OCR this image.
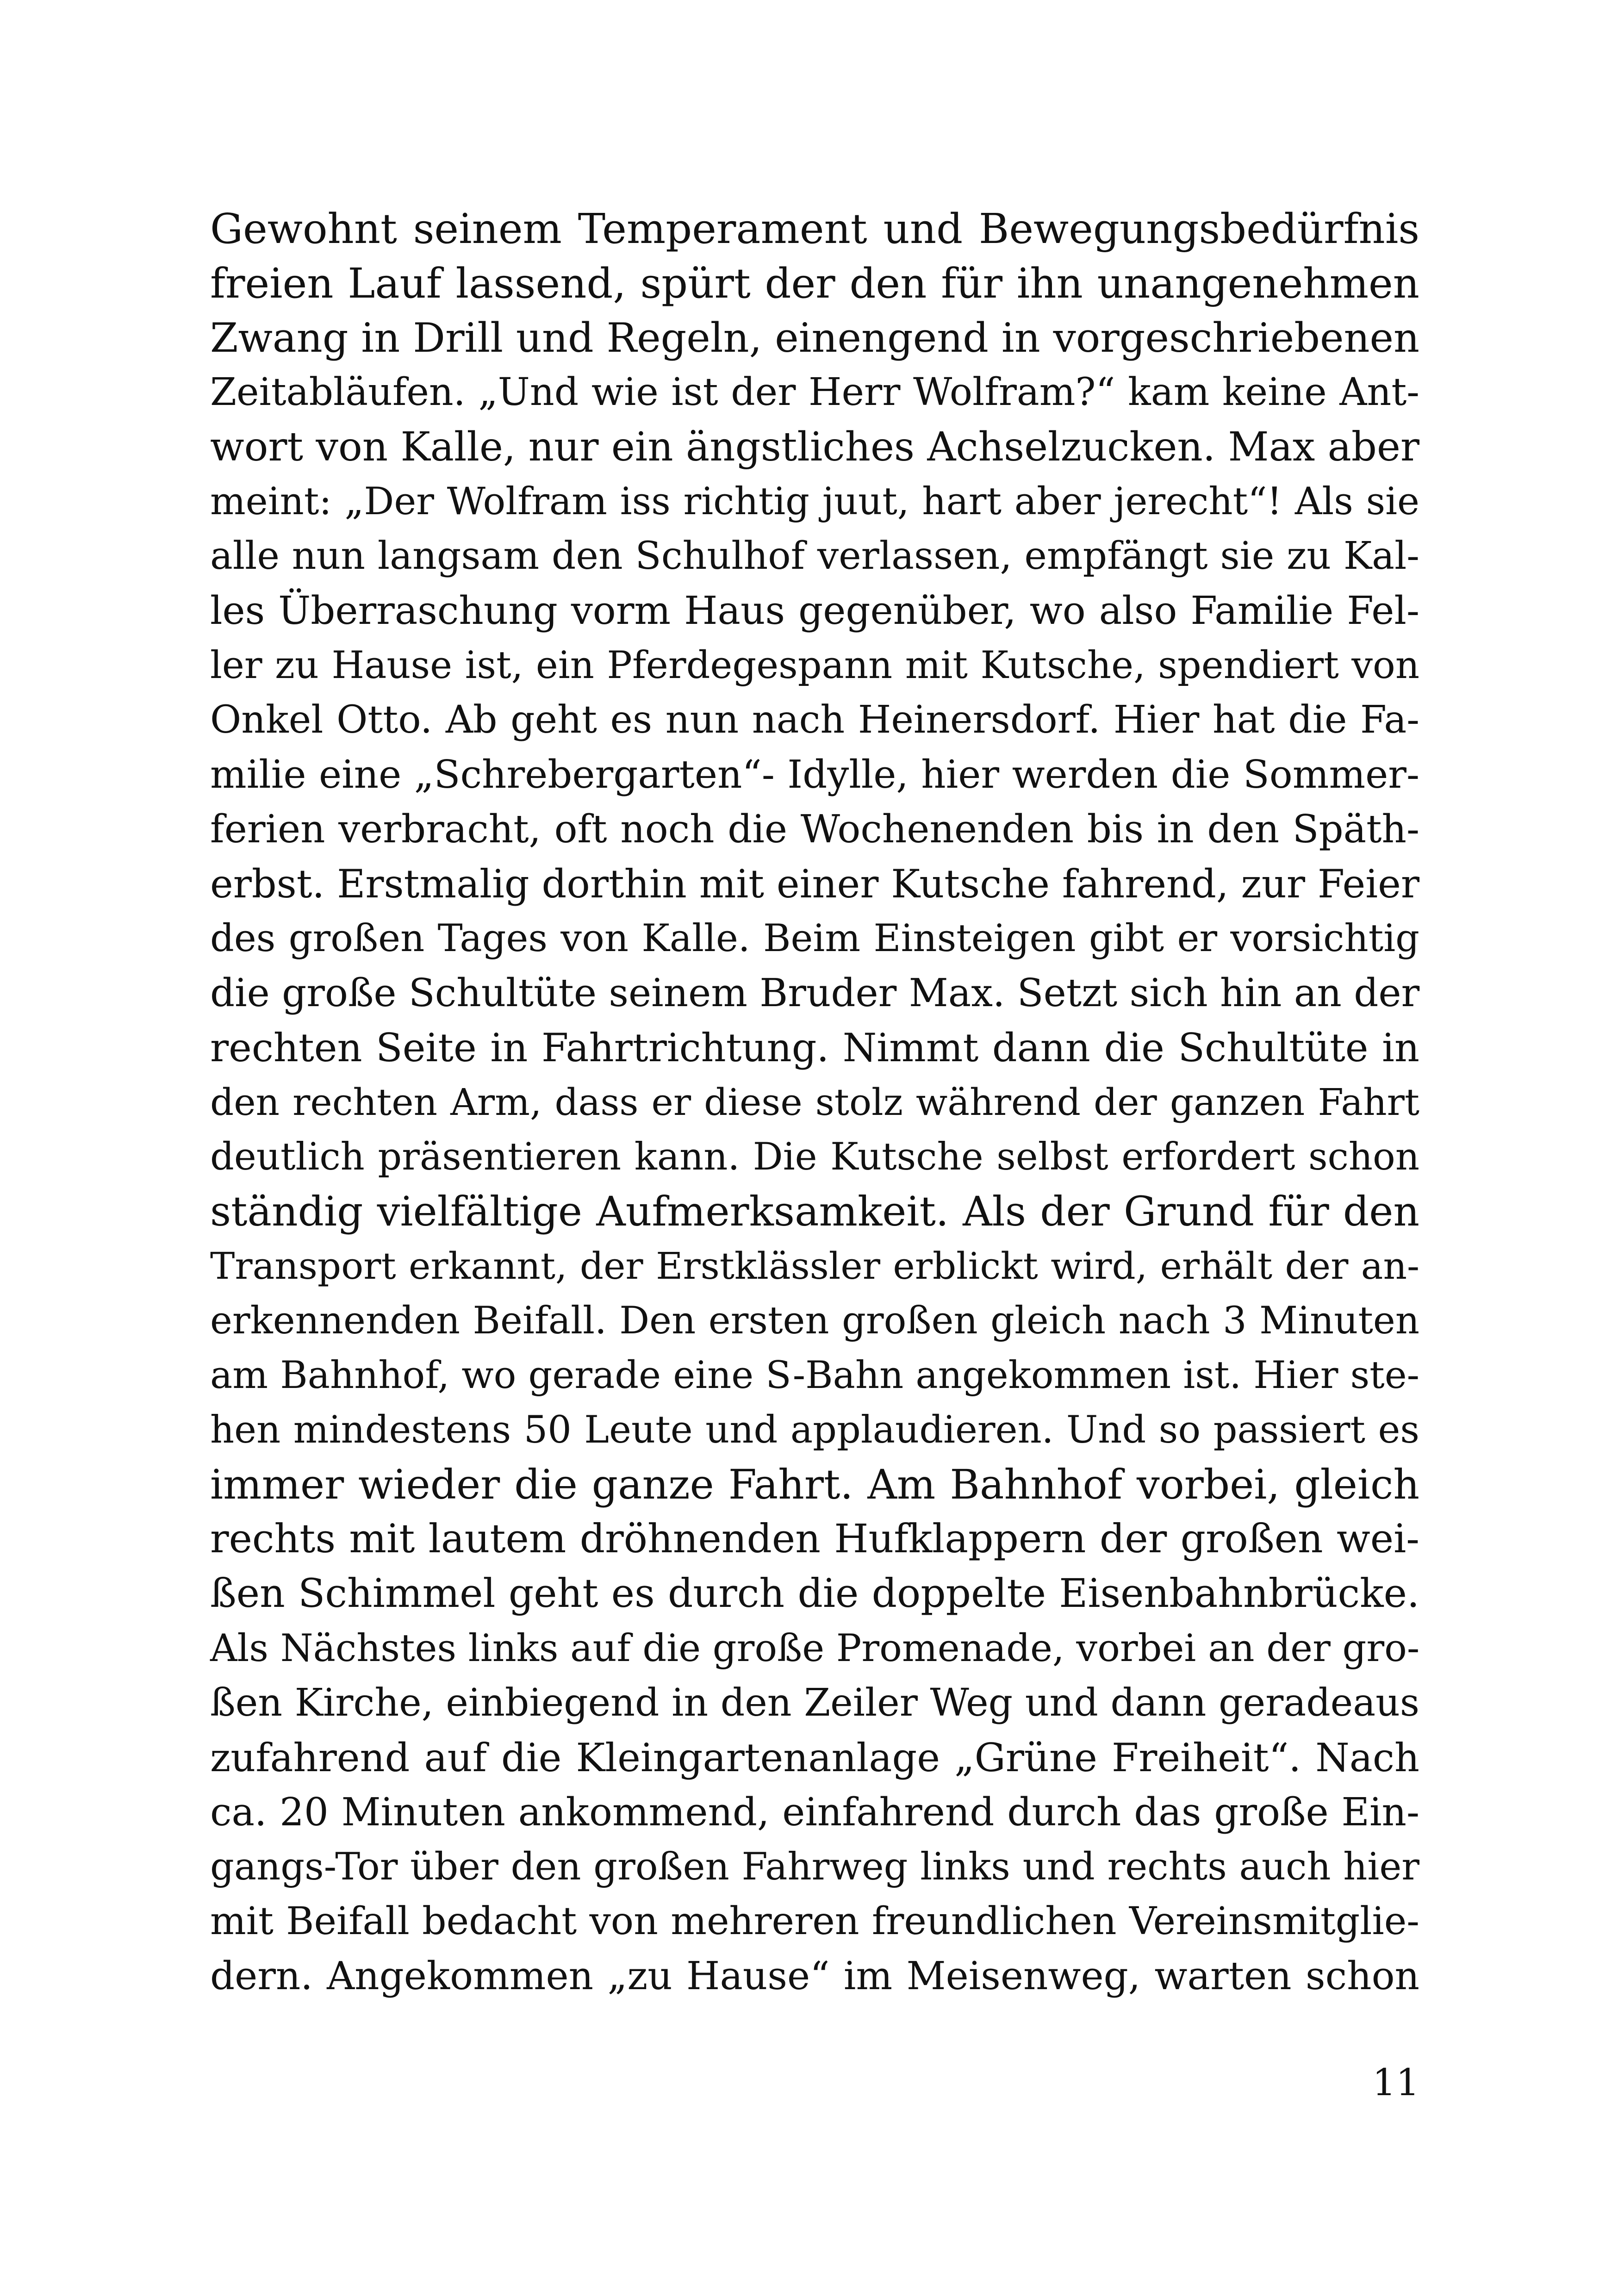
Gewohnt seinem Temperament und Bewegungsbedürfnis
freien Lauf lassend, spürt der den für ihn unangenehmen
Zwang in Drill und Regeln, einengend in vorgeschriebenen
Zeitabläufen. „Und wie ist der Herr Wolfram?“ kam keine Ant-
wort von Kalle, nur ein ängstliches Achselzucken. Max aber
meint: „Der Wolfram iss richtig juut, hart aber jerecht“! Als sie
alle nun langsam den Schulhof verlassen, empfängt sie zu Kal-
les Überraschung vorm Haus gegenüber, wo also Familie Fel-
ler zu Hause ist, ein Pferdegespann mit Kutsche, spendiert von
Onkel Otto. Ab geht es nun nach Heinersdorf. Hier hat die Fa-
milie eine „Schrebergarten“- Idylle, hier werden die Sommer-
ferien verbracht, oft noch die Wochenenden bis in den Späth-
erbst. Erstmalig dorthin mit einer Kutsche fahrend, zur Feier
des großen Tages von Kalle. Beim Einsteigen gibt er vorsichtig
die große Schultüte seinem Bruder Max. Setzt sich hin an der
rechten Seite in Fahrtrichtung. Nimmt dann die Schultüte in
den rechten Arm, dass er diese stolz während der ganzen Fahrt
deutlich präsentieren kann. Die Kutsche selbst erfordert schon
ständig vielfältige Aufmerksamkeit. Als der Grund für den
Transport erkannt, der Erstklässler erblickt wird, erhält der an-
erkennenden Beifall. Den ersten großen gleich nach 3 Minuten
am Bahnhof, wo gerade eine S-Bahn angekommen ist. Hier ste-
hen mindestens 50 Leute und applaudieren. Und so passiert es
immer wieder die ganze Fahrt. Am Bahnhof vorbei, gleich
rechts mit lautem dröhnenden Hufklappern der großen wei-
ßen Schimmel geht es durch die doppelte Eisenbahnbrücke.
Als Nächstes links auf die große Promenade, vorbei an der gro-
ßen Kirche, einbiegend in den Zeiler Weg und dann geradeaus
zufahrend auf die Kleingartenanlage „Grüne Freiheit“. Nach
ca. 20 Minuten ankommend, einfahrend durch das große Ein-
gangs-Tor über den großen Fahrweg links und rechts auch hier
mit Beifall bedacht von mehreren freundlichen Vereinsmitglie-
dern. Angekommen „zu Hause“ im Meisenweg, warten schon
11
